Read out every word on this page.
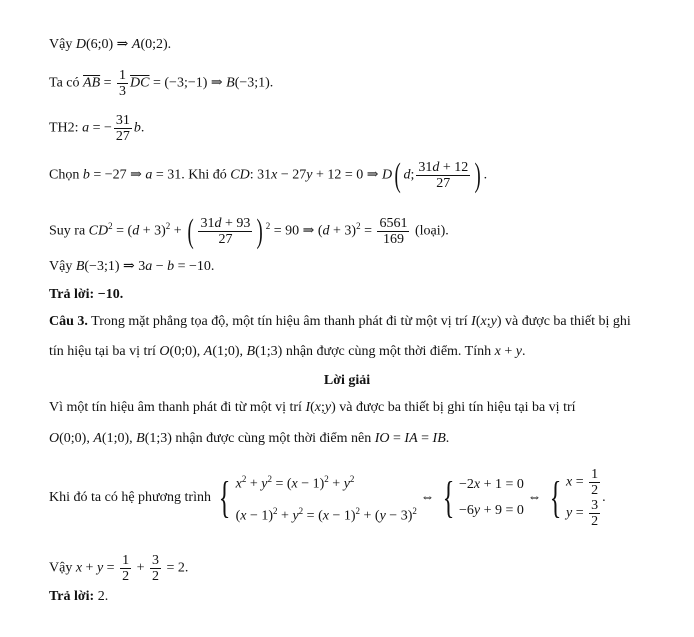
Vậy D(6;0) ⇒ A(0;2).
Ta có $\overline{AB} = \frac{1}{3} \overline{DC}$ = (−3;−1) ⇒ B(−3;1).
TH2: a = − $\frac{31}{27} b$.
Chọn b = −27 ⇒ a = 31. Khi đó CD: 31x − 27y + 12 = 0 ⇒ D( d; $\frac{31d + 12}{27}$ ) .
Suy ra $CD^2 = (d + 3)^2$ + ( $\frac{31d + 93}{27}$ ) $^2$ = 90 ⇒ $(d + 3)^2 = \frac{6561}{169}$ (loại).
Vậy B(−3;1) ⇒ 3a − b = −10.
Trả lời: −10.
Câu 3. Trong mặt phẳng tọa độ, một tín hiệu âm thanh phát đi từ một vị trí I(x;y) và được ba thiết bị ghi
tín hiệu tại ba vị trí O(0;0), A(1;0), B(1;3) nhận được cùng một thời điểm. Tính x + y.
Lời giải
Vì một tín hiệu âm thanh phát đi từ một vị trí I(x;y) và được ba thiết bị ghi tín hiệu tại ba vị trí
O(0;0), A(1;0), B(1;3) nhận được cùng một thời điểm nên IO = IA = IB.
Khi đó ta có hệ phương trình { $x^2 + y^2 = (x - 1)^2 + y^2$
$(x - 1)^2 + y^2 = (x - 1)^2 + (y - 3)^2$
⇔ { −2x + 1 = 0
−6y + 9 = 0
⇔ { $x = \frac{1}{2}$
$y = \frac{3}{2}$
.
Vậy $x + y = \frac{1}{2} + \frac{3}{2} = 2$.
Trả lời: 2.
